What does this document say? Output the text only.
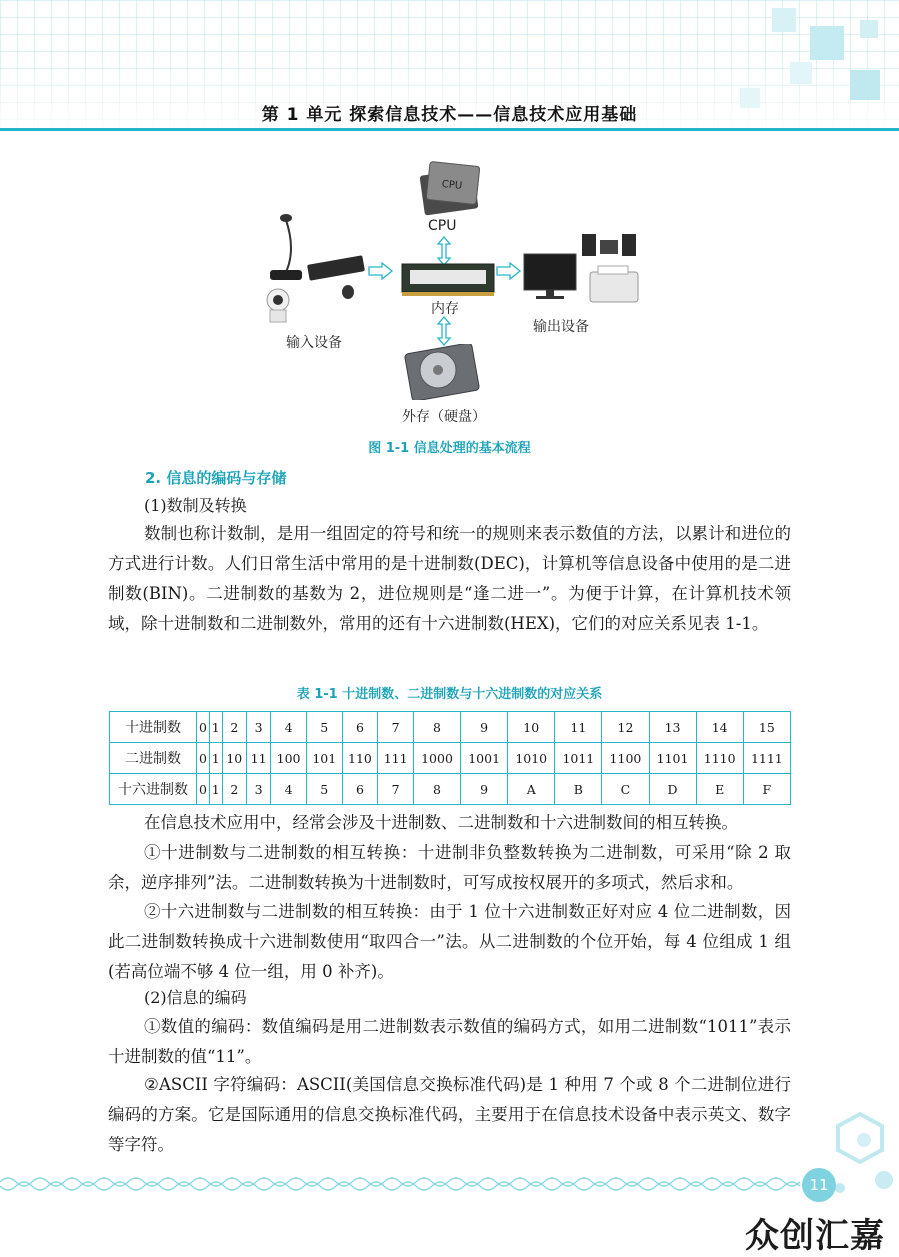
第 1 单元 探索信息技术——信息技术应用基础
CPU
CPU
内存
外存（硬盘）
输入设备
输出设备
图 1-1 信息处理的基本流程
2. 信息的编码与存储
(1)数制及转换

数制也称计数制，是用一组固定的符号和统一的规则来表示数值的方法，以累计和进位的方式进行计数。人们日常生活中常用的是十进制数(DEC)，计算机等信息设备中使用的是二进制数(BIN)。二进制数的基数为 2，进位规则是“逢二进一”。为便于计算，在计算机技术领域，除十进制数和二进制数外，常用的还有十六进制数(HEX)，它们的对应关系见表 1-1。

表 1-1 十进制数、二进制数与十六进制数的对应关系
十进制数	0	1	2	3	4	5	6	7	8	9	10	11	12	13	14	15
二进制数	0	1	10	11	100	101	110	111	1000	1001	1010	1011	1100	1101	1110	1111
十六进制数	0	1	2	3	4	5	6	7	8	9	A	B	C	D	E	F

在信息技术应用中，经常会涉及十进制数、二进制数和十六进制数间的相互转换。

①十进制数与二进制数的相互转换：十进制非负整数转换为二进制数，可采用“除 2 取余，逆序排列”法。二进制数转换为十进制数时，可写成按权展开的多项式，然后求和。

②十六进制数与二进制数的相互转换：由于 1 位十六进制数正好对应 4 位二进制数，因此二进制数转换成十六进制数使用“取四合一”法。从二进制数的个位开始，每 4 位组成 1 组(若高位端不够 4 位一组，用 0 补齐)。

(2)信息的编码

①数值的编码：数值编码是用二进制数表示数值的编码方式，如用二进制数“1011”表示十进制数的值“11”。

②ASCII 字符编码：ASCII(美国信息交换标准代码)是 1 种用 7 个或 8 个二进制位进行编码的方案。它是国际通用的信息交换标准代码，主要用于在信息技术设备中表示英文、数字等字符。

11
众创汇嘉
